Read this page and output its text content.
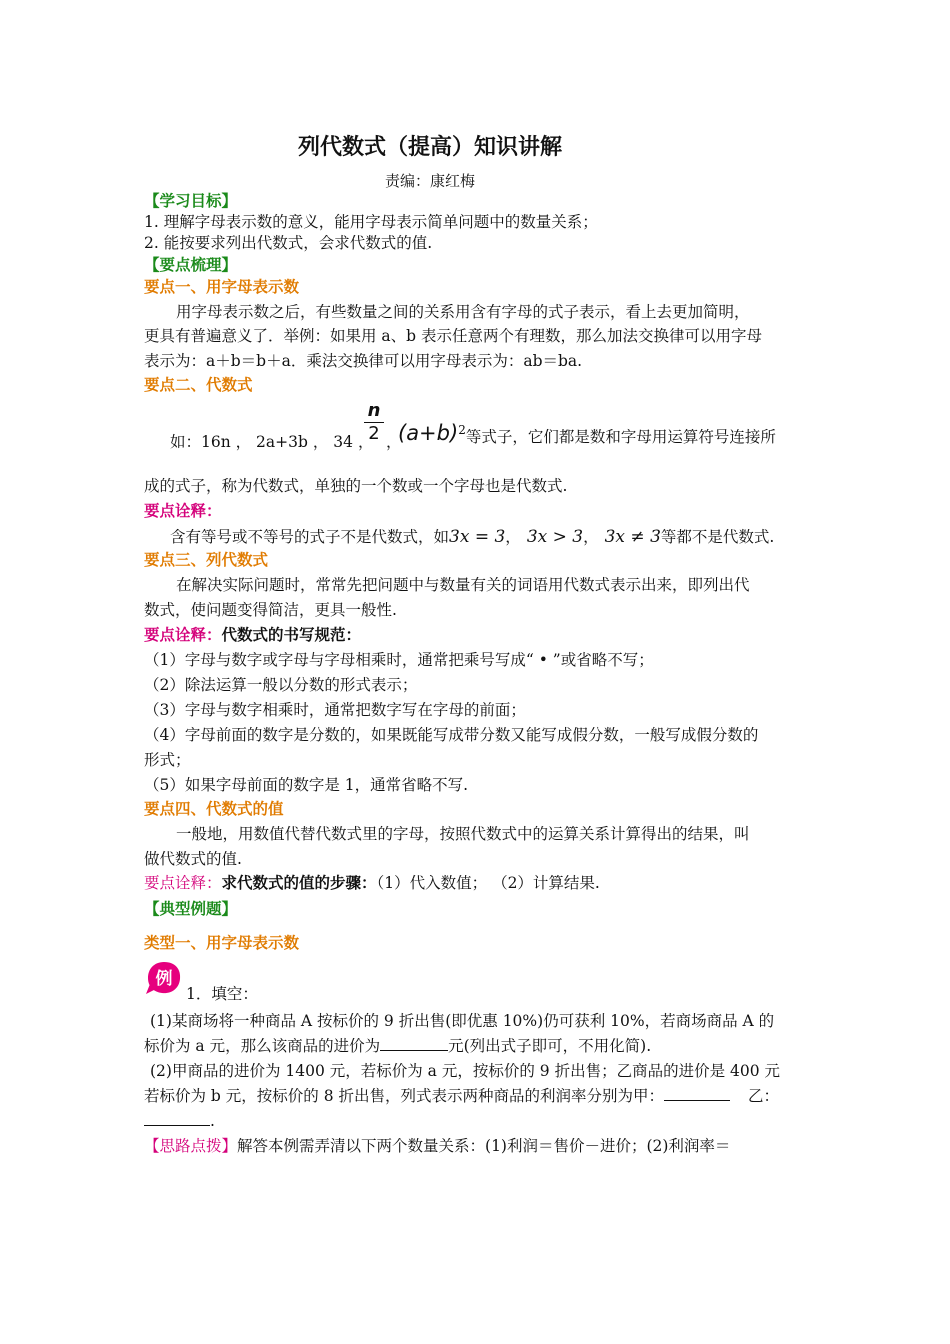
列代数式（提高）知识讲解
责编：康红梅
【学习目标】
1. 理解字母表示数的意义，能用字母表示简单问题中的数量关系；
2. 能按要求列出代数式，会求代数式的值.
【要点梳理】
要点一、用字母表示数
用字母表示数之后，有些数量之间的关系用含有字母的式子表示，看上去更加简明，
更具有普遍意义了．举例：如果用 a、b 表示任意两个有理数，那么加法交换律可以用字母
表示为：a＋b＝b＋a．乘法交换律可以用字母表示为：ab＝ba.
要点二、代数式
如：16n ， 2a+3b ， 34 ，
$\frac{n}{2}$ ，
$(a+b)^2$等式子，它们都是数和字母用运算符号连接所
成的式子，称为代数式，单独的一个数或一个字母也是代数式.
要点诠释：
含有等号或不等号的式子不是代数式，如3x = 3， 3x > 3， 3x ≠ 3等都不是代数式.
要点三、列代数式
在解决实际问题时，常常先把问题中与数量有关的词语用代数式表示出来，即列出代
数式，使问题变得简洁，更具一般性.
要点诠释：代数式的书写规范：
（1）字母与数字或字母与字母相乘时，通常把乘号写成“ • ”或省略不写；
（2）除法运算一般以分数的形式表示；
（3）字母与数字相乘时，通常把数字写在字母的前面；
（4）字母前面的数字是分数的，如果既能写成带分数又能写成假分数，一般写成假分数的
形式；
（5）如果字母前面的数字是 1，通常省略不写.
要点四、代数式的值
一般地，用数值代替代数式里的字母，按照代数式中的运算关系计算得出的结果，叫
做代数式的值.
要点诠释：求代数式的值的步骤：（1）代入数值； （2）计算结果.
【典型例题】
类型一、用字母表示数
例
1．填空：
(1)某商场将一种商品 A 按标价的 9 折出售(即优惠 10%)仍可获利 10%，若商场商品 A 的
标价为 a 元，那么该商品的进价为	元(列出式子即可，不用化简).
(2)甲商品的进价为 1400 元，若标价为 a 元，按标价的 9 折出售；乙商品的进价是 400 元
若标价为 b 元，按标价的 8 折出售，列式表示两种商品的利润率分别为甲：	乙：
.
【思路点拨】解答本例需弄清以下两个数量关系：(1)利润＝售价－进价；(2)利润率＝
